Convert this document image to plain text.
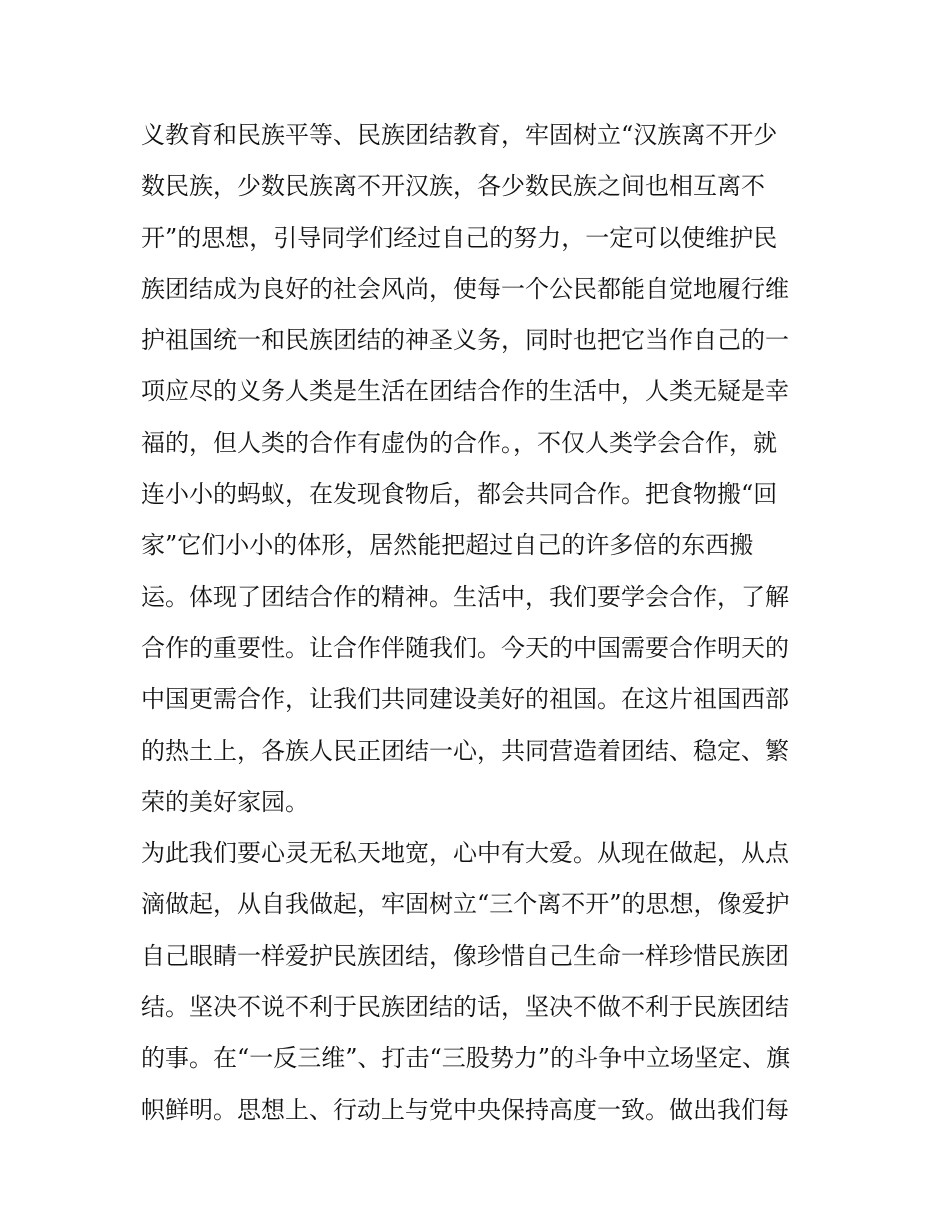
义教育和民族平等、民族团结教育，牢固树立“汉族离不开少
数民族，少数民族离不开汉族，各少数民族之间也相互离不
开”的思想，引导同学们经过自己的努力，一定可以使维护民
族团结成为良好的社会风尚，使每一个公民都能自觉地履行维
护祖国统一和民族团结的神圣义务，同时也把它当作自己的一
项应尽的义务人类是生活在团结合作的生活中，人类无疑是幸
福的，但人类的合作有虚伪的合作。，不仅人类学会合作，就
连小小的蚂蚁，在发现食物后，都会共同合作。把食物搬“回
家”它们小小的体形，居然能把超过自己的许多倍的东西搬
运。体现了团结合作的精神。生活中，我们要学会合作，了解
合作的重要性。让合作伴随我们。今天的中国需要合作明天的
中国更需合作，让我们共同建设美好的祖国。在这片祖国西部
的热土上，各族人民正团结一心，共同营造着团结、稳定、繁
荣的美好家园。
为此我们要心灵无私天地宽，心中有大爱。从现在做起，从点
滴做起，从自我做起，牢固树立“三个离不开”的思想，像爱护
自己眼睛一样爱护民族团结，像珍惜自己生命一样珍惜民族团
结。坚决不说不利于民族团结的话，坚决不做不利于民族团结
的事。在“一反三维”、打击“三股势力”的斗争中立场坚定、旗
帜鲜明。思想上、行动上与党中央保持高度一致。做出我们每
